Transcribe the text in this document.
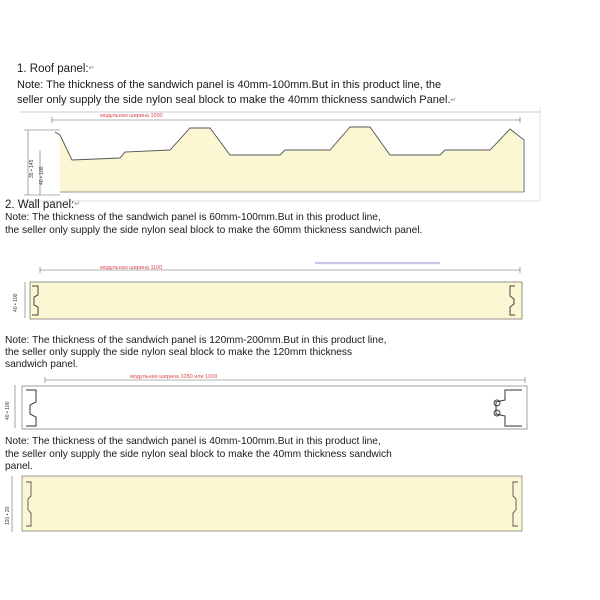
1. Roof panel: ↵
Note: The thickness of the sandwich panel is 40mm-100mm.But in this product line, the
seller only supply the side nylon seal block to make the 40mm thickness sandwich Panel. ↵
модульная ширина 1000
35 • 145 40 • 100
2. Wall panel: ↵
Note: The thickness of the sandwich panel is 60mm-100mm.But in this product line,
the seller only supply the side nylon seal block to make the 60mm thickness sandwich panel.
модульная ширина 1100
40 • 100
Note: The thickness of the sandwich panel is 120mm-200mm.But in this product line,
the seller only supply the side nylon seal block to make the 120mm thickness
sandwich panel.
модульная ширина 1050 или 1000
40 • 100
Note: The thickness of the sandwich panel is 40mm-100mm.But in this product line,
the seller only supply the side nylon seal block to make the 40mm thickness sandwich
panel.
120 • 20
